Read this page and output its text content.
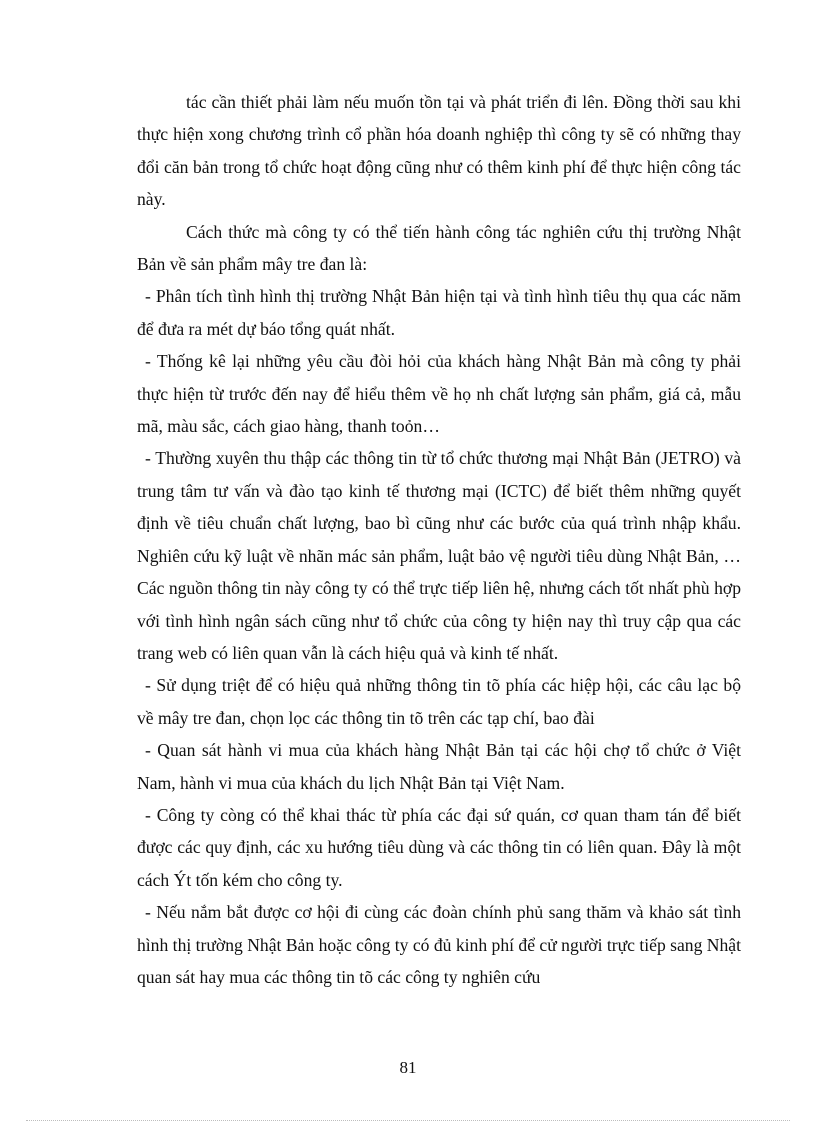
tác cần thiết phải làm nếu muốn tồn tại và phát triển đi lên. Đồng thời sau khi thực hiện xong chương trình cổ phần hóa doanh nghiệp thì công ty sẽ có những thay đổi căn bản trong tổ chức hoạt động cũng như có thêm kinh phí để thực hiện công tác này.

Cách thức mà công ty có thể tiến hành công tác nghiên cứu thị trường Nhật Bản về sản phẩm mây tre đan là:

- Phân tích tình hình thị trường Nhật Bản hiện tại và tình hình tiêu thụ qua các năm để đưa ra mét dự báo tổng quát nhất.

- Thống kê lại những yêu cầu đòi hỏi của khách hàng Nhật Bản mà công ty phải thực hiện từ trước đến nay để hiểu thêm về họ nh chất lượng sản phẩm, giá cả, mẫu mã, màu sắc, cách giao hàng, thanh toỏn…

- Thường xuyên thu thập các thông tin từ tổ chức thương mại Nhật Bản (JETRO) và trung tâm tư vấn và đào tạo kinh tế thương mại (ICTC) để biết thêm những quyết định về tiêu chuẩn chất lượng, bao bì cũng như các bước của quá trình nhập khẩu. Nghiên cứu kỹ luật về nhãn mác sản phẩm, luật bảo vệ người tiêu dùng Nhật Bản, …Các nguồn thông tin này công ty có thể trực tiếp liên hệ, nhưng cách tốt nhất phù hợp với tình hình ngân sách cũng như tổ chức của công ty hiện nay thì truy cập qua các trang web có liên quan vẫn là cách hiệu quả và kinh tế nhất.

- Sử dụng triệt để có hiệu quả những thông tin tõ phía các hiệp hội, các câu lạc bộ về mây tre đan, chọn lọc các thông tin tõ trên các tạp chí, bao đài

- Quan sát hành vi mua của khách hàng Nhật Bản tại các hội chợ tổ chức ở Việt Nam, hành vi mua của khách du lịch Nhật Bản tại Việt Nam.

- Công ty còng có thể khai thác từ phía các đại sứ quán, cơ quan tham tán để biết được các quy định, các xu hướng tiêu dùng và các thông tin có liên quan. Đây là một cách Ýt tốn kém cho công ty.

- Nếu nắm bắt được cơ hội đi cùng các đoàn chính phủ sang thăm và khảo sát tình hình thị trường Nhật Bản hoặc công ty có đủ kinh phí để cử người trực tiếp sang Nhật quan sát hay mua các thông tin tõ các công ty nghiên cứu

81
